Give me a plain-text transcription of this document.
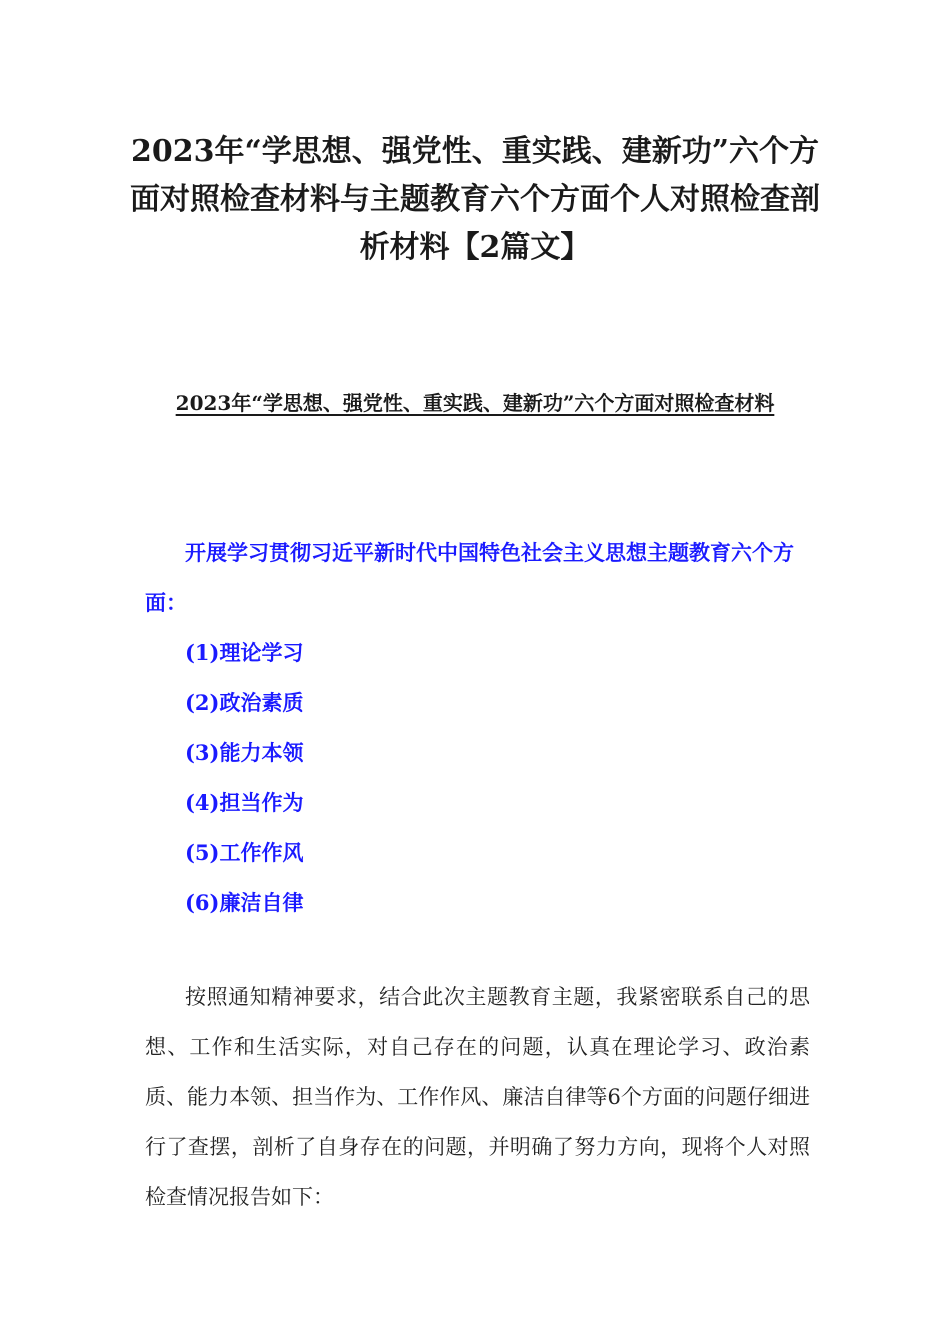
2023年“学思想、强党性、重实践、建新功”六个方面对照检查材料与主题教育六个方面个人对照检查剖析材料【2篇文】
2023年“学思想、强党性、重实践、建新功”六个方面对照检查材料

开展学习贯彻习近平新时代中国特色社会主义思想主题教育六个方面：

(1)理论学习
(2)政治素质
(3)能力本领
(4)担当作为
(5)工作作风
(6)廉洁自律

按照通知精神要求，结合此次主题教育主题，我紧密联系自己的思想、工作和生活实际，对自己存在的问题，认真在理论学习、政治素质、能力本领、担当作为、工作作风、廉洁自律等6个方面的问题仔细进行了查摆，剖析了自身存在的问题，并明确了努力方向，现将个人对照检查情况报告如下：
